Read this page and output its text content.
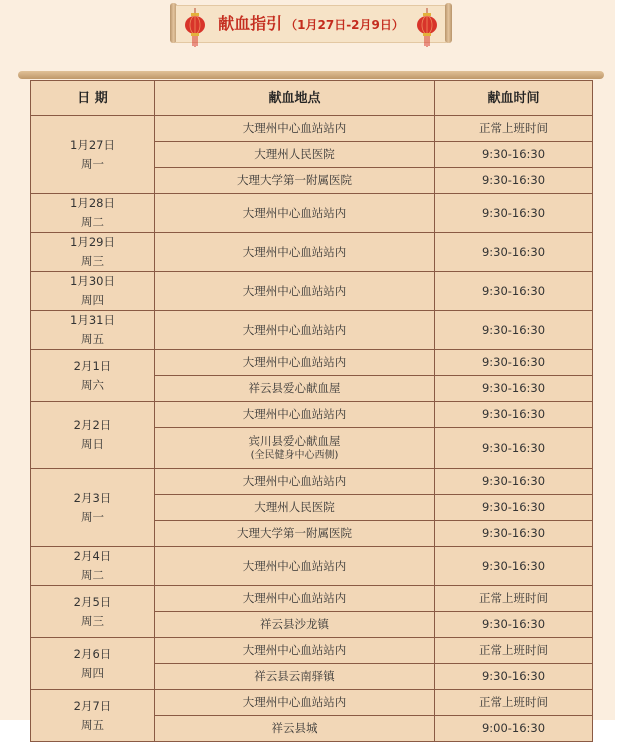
献血指引 （1月27日-2月9日）
日 期	献血地点	献血时间

1月27日
周一	大理州中心血站站内	正常上班时间
	大理州人民医院	9:30-16:30
	大理大学第一附属医院	9:30-16:30

1月28日
周二	大理州中心血站站内	9:30-16:30

1月29日
周三	大理州中心血站站内	9:30-16:30

1月30日
周四	大理州中心血站站内	9:30-16:30

1月31日
周五	大理州中心血站站内	9:30-16:30

2月1日
周六	大理州中心血站站内	9:30-16:30
	祥云县爱心献血屋	9:30-16:30

2月2日
周日	大理州中心血站站内	9:30-16:30

	宾川县爱心献血屋
(全民健身中心西侧)	9:30-16:30

2月3日
周一	大理州中心血站站内	9:30-16:30
	大理州人民医院	9:30-16:30
	大理大学第一附属医院	9:30-16:30

2月4日
周二	大理州中心血站站内	9:30-16:30

2月5日
周三	大理州中心血站站内	正常上班时间
	祥云县沙龙镇	9:30-16:30

2月6日
周四	大理州中心血站站内	正常上班时间
	祥云县云南驿镇	9:30-16:30

2月7日
周五	大理州中心血站站内	正常上班时间
	祥云县城	9:00-16:30
